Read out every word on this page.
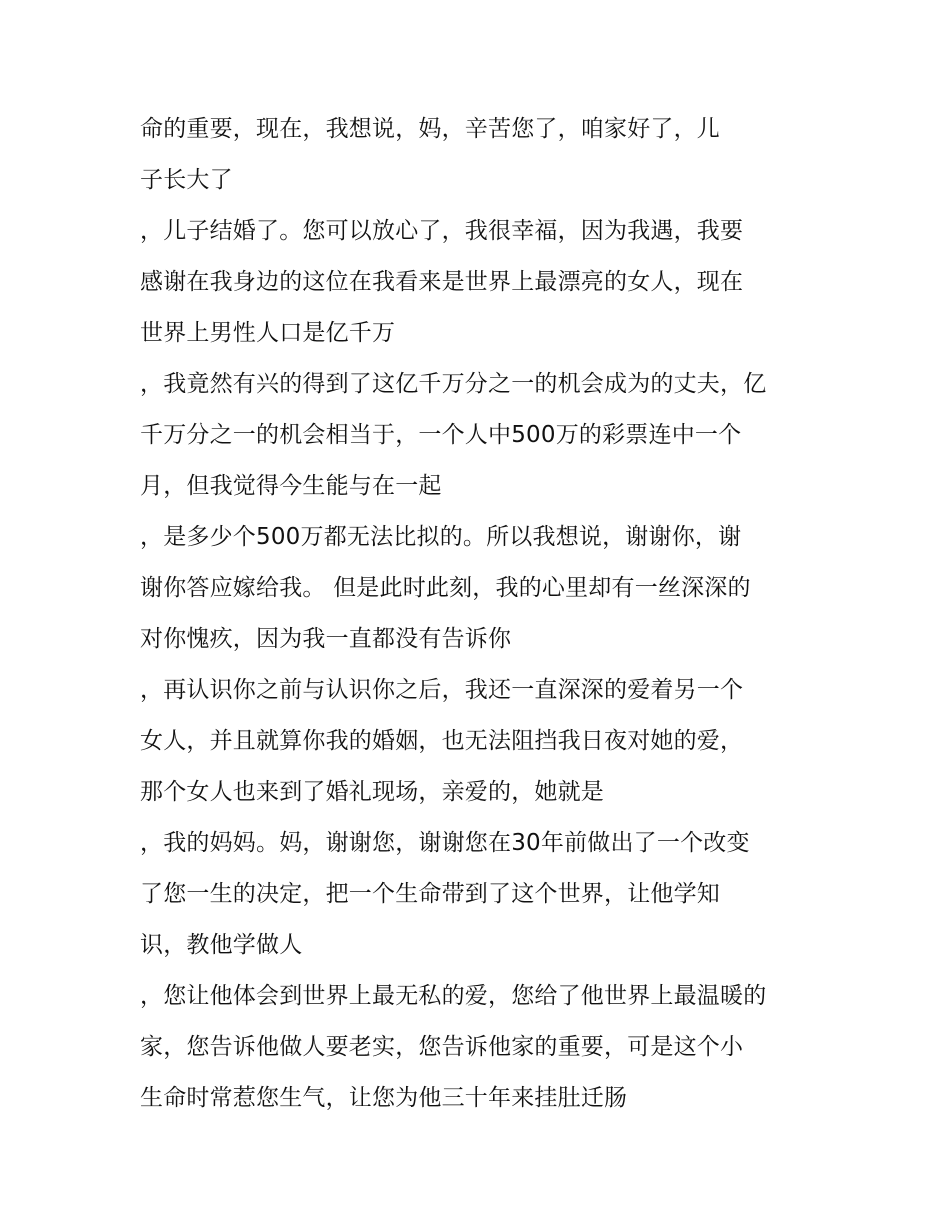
命的重要，现在，我想说，妈，辛苦您了，咱家好了，儿
子长大了
，儿子结婚了。您可以放心了，我很幸福，因为我遇，我要
感谢在我身边的这位在我看来是世界上最漂亮的女人，现在
世界上男性人口是亿千万
，我竟然有兴的得到了这亿千万分之一的机会成为的丈夫，亿
千万分之一的机会相当于，一个人中500万的彩票连中一个
月，但我觉得今生能与在一起
，是多少个500万都无法比拟的。所以我想说，谢谢你，谢
谢你答应嫁给我。 但是此时此刻，我的心里却有一丝深深的
对你愧疚，因为我一直都没有告诉你
，再认识你之前与认识你之后，我还一直深深的爱着另一个
女人，并且就算你我的婚姻，也无法阻挡我日夜对她的爱，
那个女人也来到了婚礼现场，亲爱的，她就是
，我的妈妈。妈，谢谢您，谢谢您在30年前做出了一个改变
了您一生的决定，把一个生命带到了这个世界，让他学知
识，教他学做人
，您让他体会到世界上最无私的爱，您给了他世界上最温暖的
家，您告诉他做人要老实，您告诉他家的重要，可是这个小
生命时常惹您生气，让您为他三十年来挂肚迁肠
